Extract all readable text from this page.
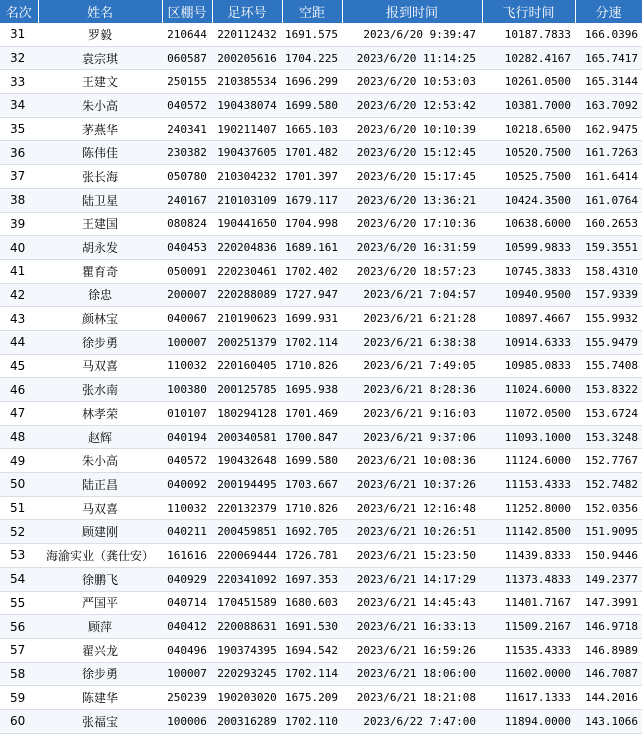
名次	姓名	区棚号	足环号	空距	报到时间	飞行时间	分速
31	罗毅	210644	220112432	1691.575	2023/6/20 9:39:47	10187.7833	166.0396
32	袁宗琪	060587	200205616	1704.225	2023/6/20 11:14:25	10282.4167	165.7417
33	王建文	250155	210385534	1696.299	2023/6/20 10:53:03	10261.0500	165.3144
34	朱小高	040572	190438074	1699.580	2023/6/20 12:53:42	10381.7000	163.7092
35	茅燕华	240341	190211407	1665.103	2023/6/20 10:10:39	10218.6500	162.9475
36	陈伟佳	230382	190437605	1701.482	2023/6/20 15:12:45	10520.7500	161.7263
37	张长海	050780	210304232	1701.397	2023/6/20 15:17:45	10525.7500	161.6414
38	陆卫星	240167	210103109	1679.117	2023/6/20 13:36:21	10424.3500	161.0764
39	王建国	080824	190441650	1704.998	2023/6/20 17:10:36	10638.6000	160.2653
40	胡永发	040453	220204836	1689.161	2023/6/20 16:31:59	10599.9833	159.3551
41	瞿育奇	050091	220230461	1702.402	2023/6/20 18:57:23	10745.3833	158.4310
42	徐忠	200007	220288089	1727.947	2023/6/21 7:04:57	10940.9500	157.9339
43	颜林宝	040067	210190623	1699.931	2023/6/21 6:21:28	10897.4667	155.9932
44	徐步勇	100007	200251379	1702.114	2023/6/21 6:38:38	10914.6333	155.9479
45	马双喜	110032	220160405	1710.826	2023/6/21 7:49:05	10985.0833	155.7408
46	张水南	100380	200125785	1695.938	2023/6/21 8:28:36	11024.6000	153.8322
47	林孝荣	010107	180294128	1701.469	2023/6/21 9:16:03	11072.0500	153.6724
48	赵辉	040194	200340581	1700.847	2023/6/21 9:37:06	11093.1000	153.3248
49	朱小高	040572	190432648	1699.580	2023/6/21 10:08:36	11124.6000	152.7767
50	陆正昌	040092	200194495	1703.667	2023/6/21 10:37:26	11153.4333	152.7482
51	马双喜	110032	220132379	1710.826	2023/6/21 12:16:48	11252.8000	152.0356
52	顾建刚	040211	200459851	1692.705	2023/6/21 10:26:51	11142.8500	151.9095
53	海渝实业（龚仕安）	161616	220069444	1726.781	2023/6/21 15:23:50	11439.8333	150.9446
54	徐鹏飞	040929	220341092	1697.353	2023/6/21 14:17:29	11373.4833	149.2377
55	严国平	040714	170451589	1680.603	2023/6/21 14:45:43	11401.7167	147.3991
56	顾萍	040412	220088631	1691.530	2023/6/21 16:33:13	11509.2167	146.9718
57	翟兴龙	040496	190374395	1694.542	2023/6/21 16:59:26	11535.4333	146.8989
58	徐步勇	100007	220293245	1702.114	2023/6/21 18:06:00	11602.0000	146.7087
59	陈建华	250239	190203020	1675.209	2023/6/21 18:21:08	11617.1333	144.2016
60	张福宝	100006	200316289	1702.110	2023/6/22 7:47:00	11894.0000	143.1066
